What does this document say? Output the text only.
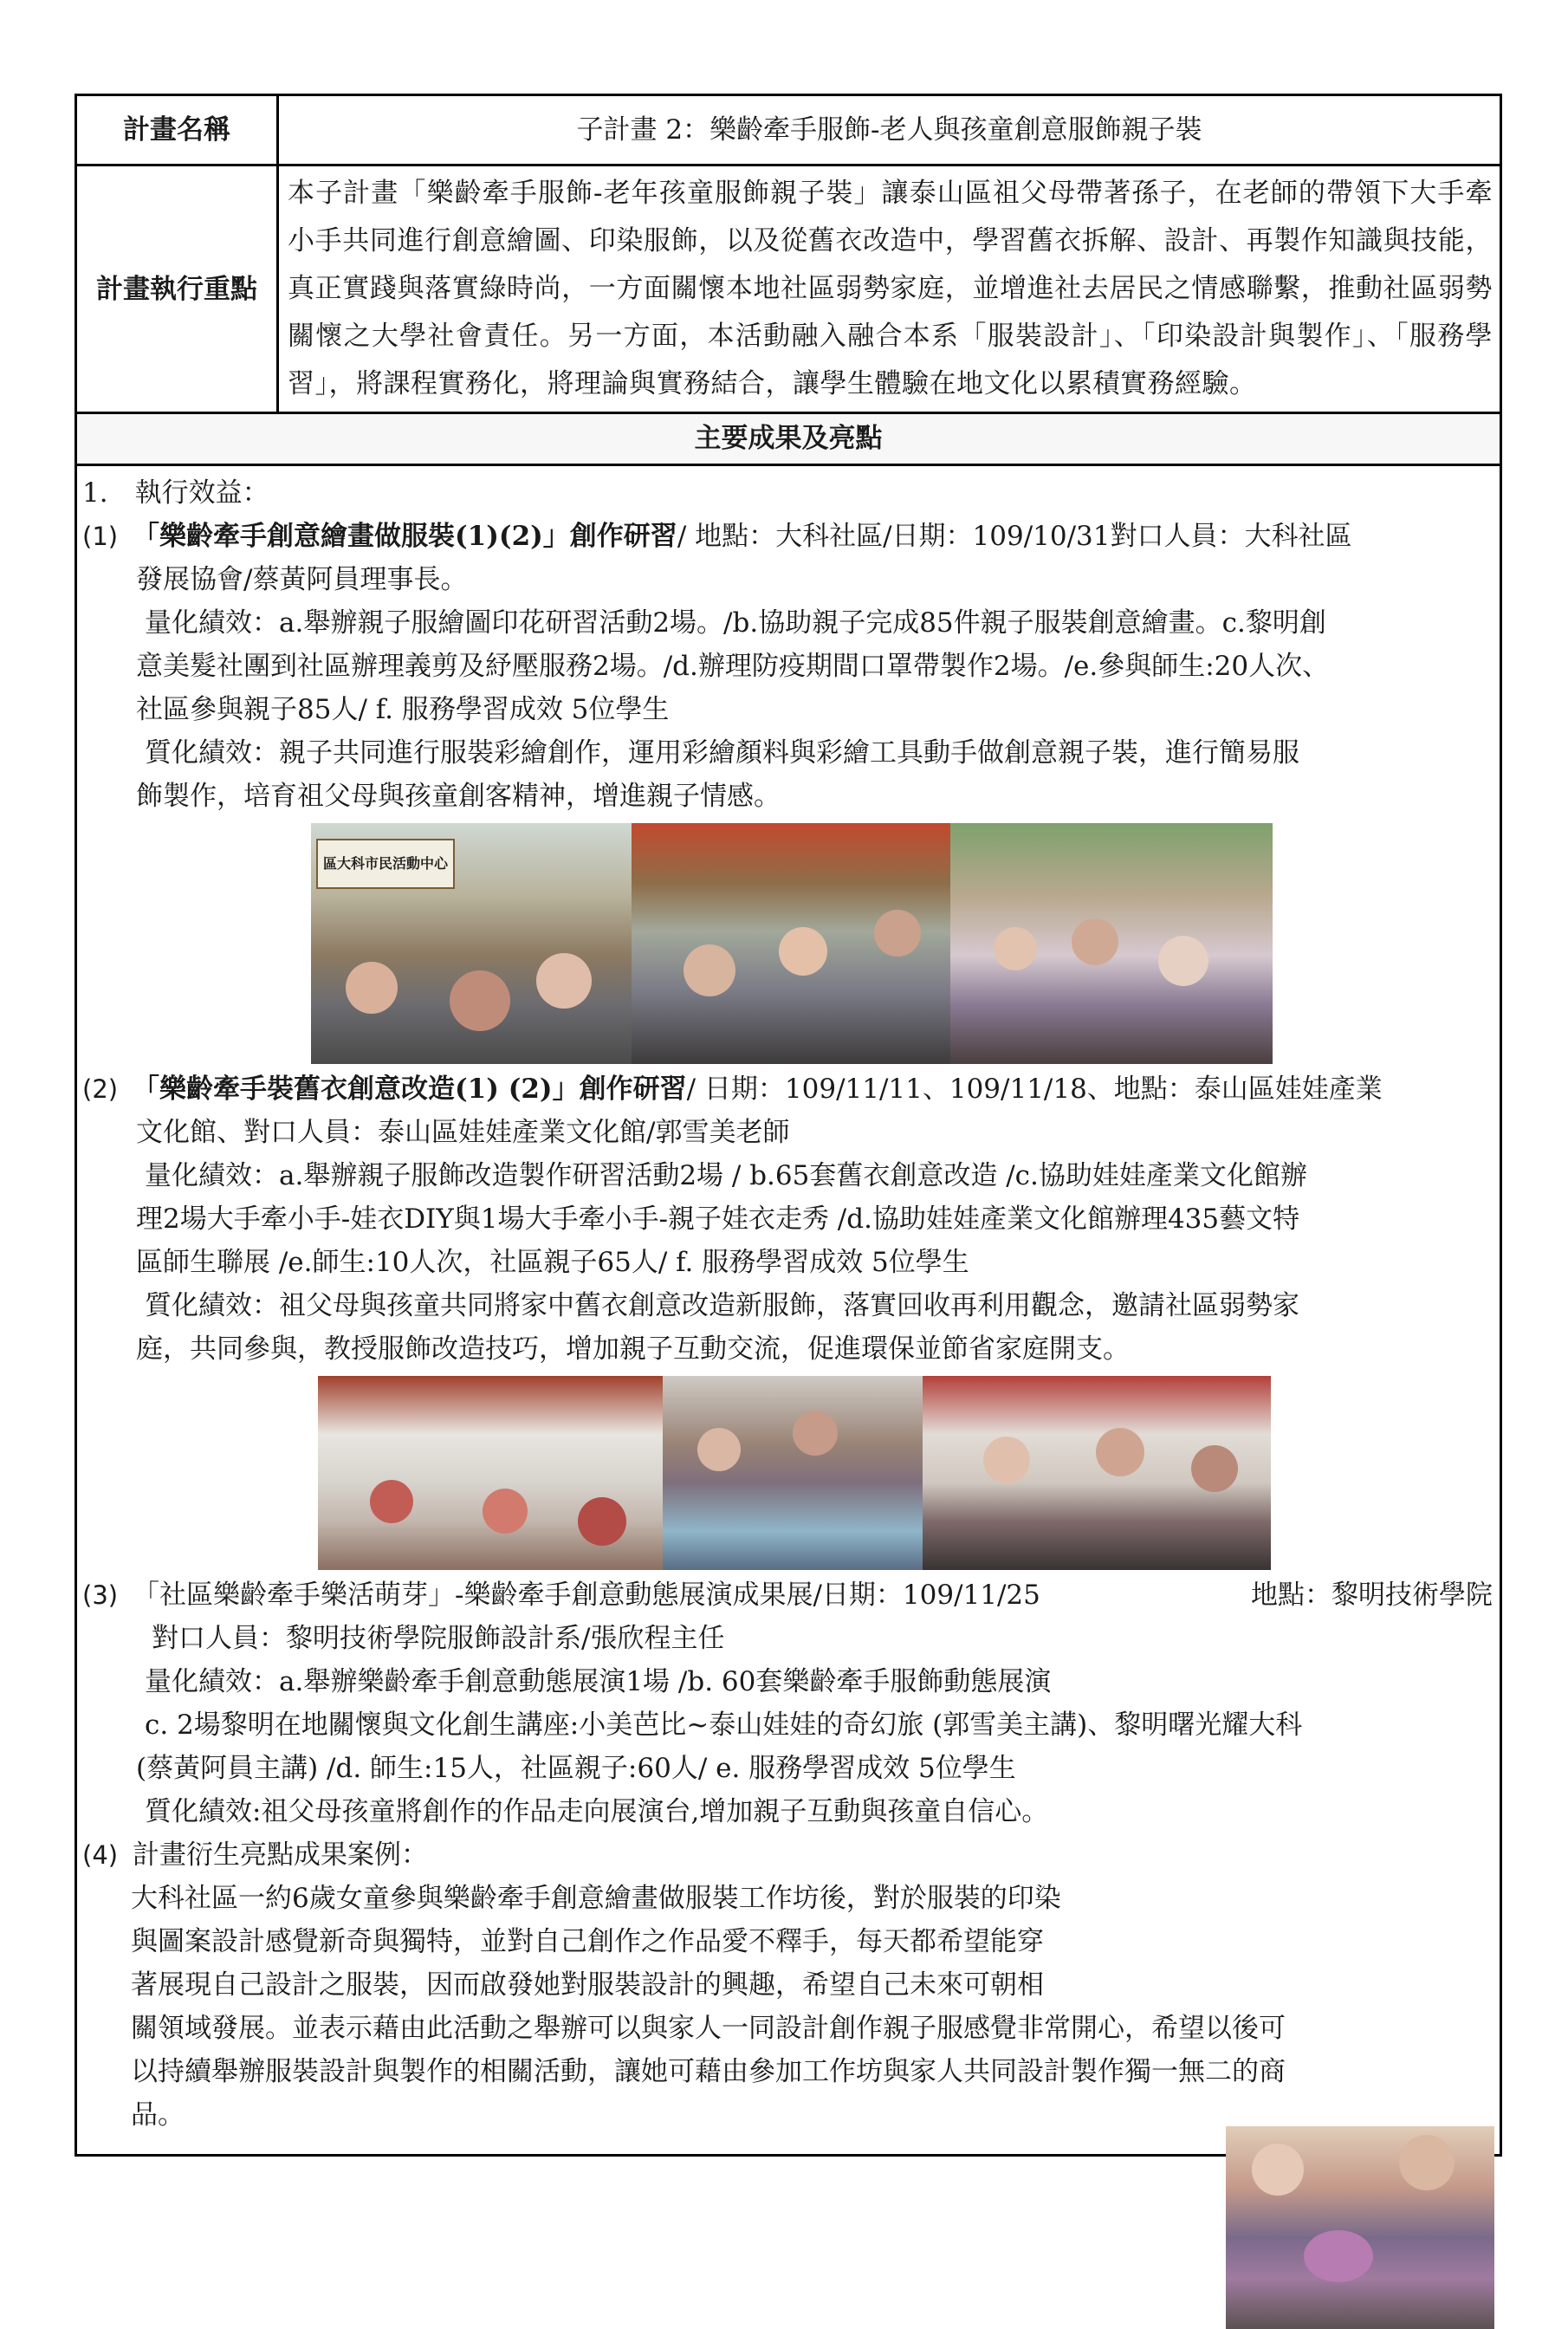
計畫名稱	子計畫 2：樂齡牽手服飾-老人與孩童創意服飾親子裝
計畫執行重點	本子計畫「樂齡牽手服飾-老年孩童服飾親子裝」讓泰山區祖父母帶著孫子，在老師的帶領下大手牽小手共同進行創意繪圖、印染服飾，以及從舊衣改造中，學習舊衣拆解、設計、再製作知識與技能，真正實踐與落實綠時尚，一方面關懷本地社區弱勢家庭，並增進社去居民之情感聯繫，推動社區弱勢關懷之大學社會責任。另一方面，本活動融入融合本系「服裝設計」、「印染設計與製作」、「服務學習」，將課程實務化，將理論與實務結合，讓學生體驗在地文化以累積實務經驗。
主要成果及亮點	

1.　執行效益：

(1) 「樂齡牽手創意繪畫做服裝(1)(2)」創作研習/ 地點：大科社區/日期：109/10/31對口人員：大科社區

發展協會/蔡黃阿員理事長。

量化績效：a.舉辦親子服繪圖印花研習活動2場。/b.協助親子完成85件親子服裝創意繪畫。c.黎明創

意美髮社團到社區辦理義剪及紓壓服務2場。/d.辦理防疫期間口罩帶製作2場。/e.參與師生:20人次、

社區參與親子85人/ f. 服務學習成效 5位學生

質化績效：親子共同進行服裝彩繪創作，運用彩繪顏料與彩繪工具動手做創意親子裝，進行簡易服

飾製作，培育祖父母與孩童創客精神，增進親子情感。

區大科市民活動中心

(2) 「樂齡牽手裝舊衣創意改造(1) (2)」創作研習/ 日期：109/11/11、109/11/18、地點：泰山區娃娃產業

文化館、對口人員：泰山區娃娃產業文化館/郭雪美老師

量化績效：a.舉辦親子服飾改造製作研習活動2場 / b.65套舊衣創意改造 /c.協助娃娃產業文化館辦

理2場大手牽小手-娃衣DIY與1場大手牽小手-親子娃衣走秀 /d.協助娃娃產業文化館辦理435藝文特

區師生聯展 /e.師生:10人次，社區親子65人/ f. 服務學習成效 5位學生

質化績效：祖父母與孩童共同將家中舊衣創意改造新服飾，落實回收再利用觀念，邀請社區弱勢家

庭，共同參與，教授服飾改造技巧，增加親子互動交流，促進環保並節省家庭開支。

(3) 「社區樂齡牽手樂活萌芽」-樂齡牽手創意動態展演成果展/日期：109/11/25	地點：黎明技術學院

對口人員：黎明技術學院服飾設計系/張欣程主任

量化績效：a.舉辦樂齡牽手創意動態展演1場 /b. 60套樂齡牽手服飾動態展演

c. 2場黎明在地關懷與文化創生講座:小美芭比~泰山娃娃的奇幻旅 (郭雪美主講)、黎明曙光耀大科

(蔡黃阿員主講) /d. 師生:15人，社區親子:60人/ e. 服務學習成效 5位學生

質化績效:祖父母孩童將創作的作品走向展演台,增加親子互動與孩童自信心。

(4) 計畫衍生亮點成果案例：

大科社區一約6歲女童參與樂齡牽手創意繪畫做服裝工作坊後，對於服裝的印染

與圖案設計感覺新奇與獨特，並對自己創作之作品愛不釋手，每天都希望能穿

著展現自己設計之服裝，因而啟發她對服裝設計的興趣，希望自己未來可朝相

關領域發展。並表示藉由此活動之舉辦可以與家人一同設計創作親子服感覺非常開心，希望以後可

以持續舉辦服裝設計與製作的相關活動，讓她可藉由參加工作坊與家人共同設計製作獨一無二的商

品。
